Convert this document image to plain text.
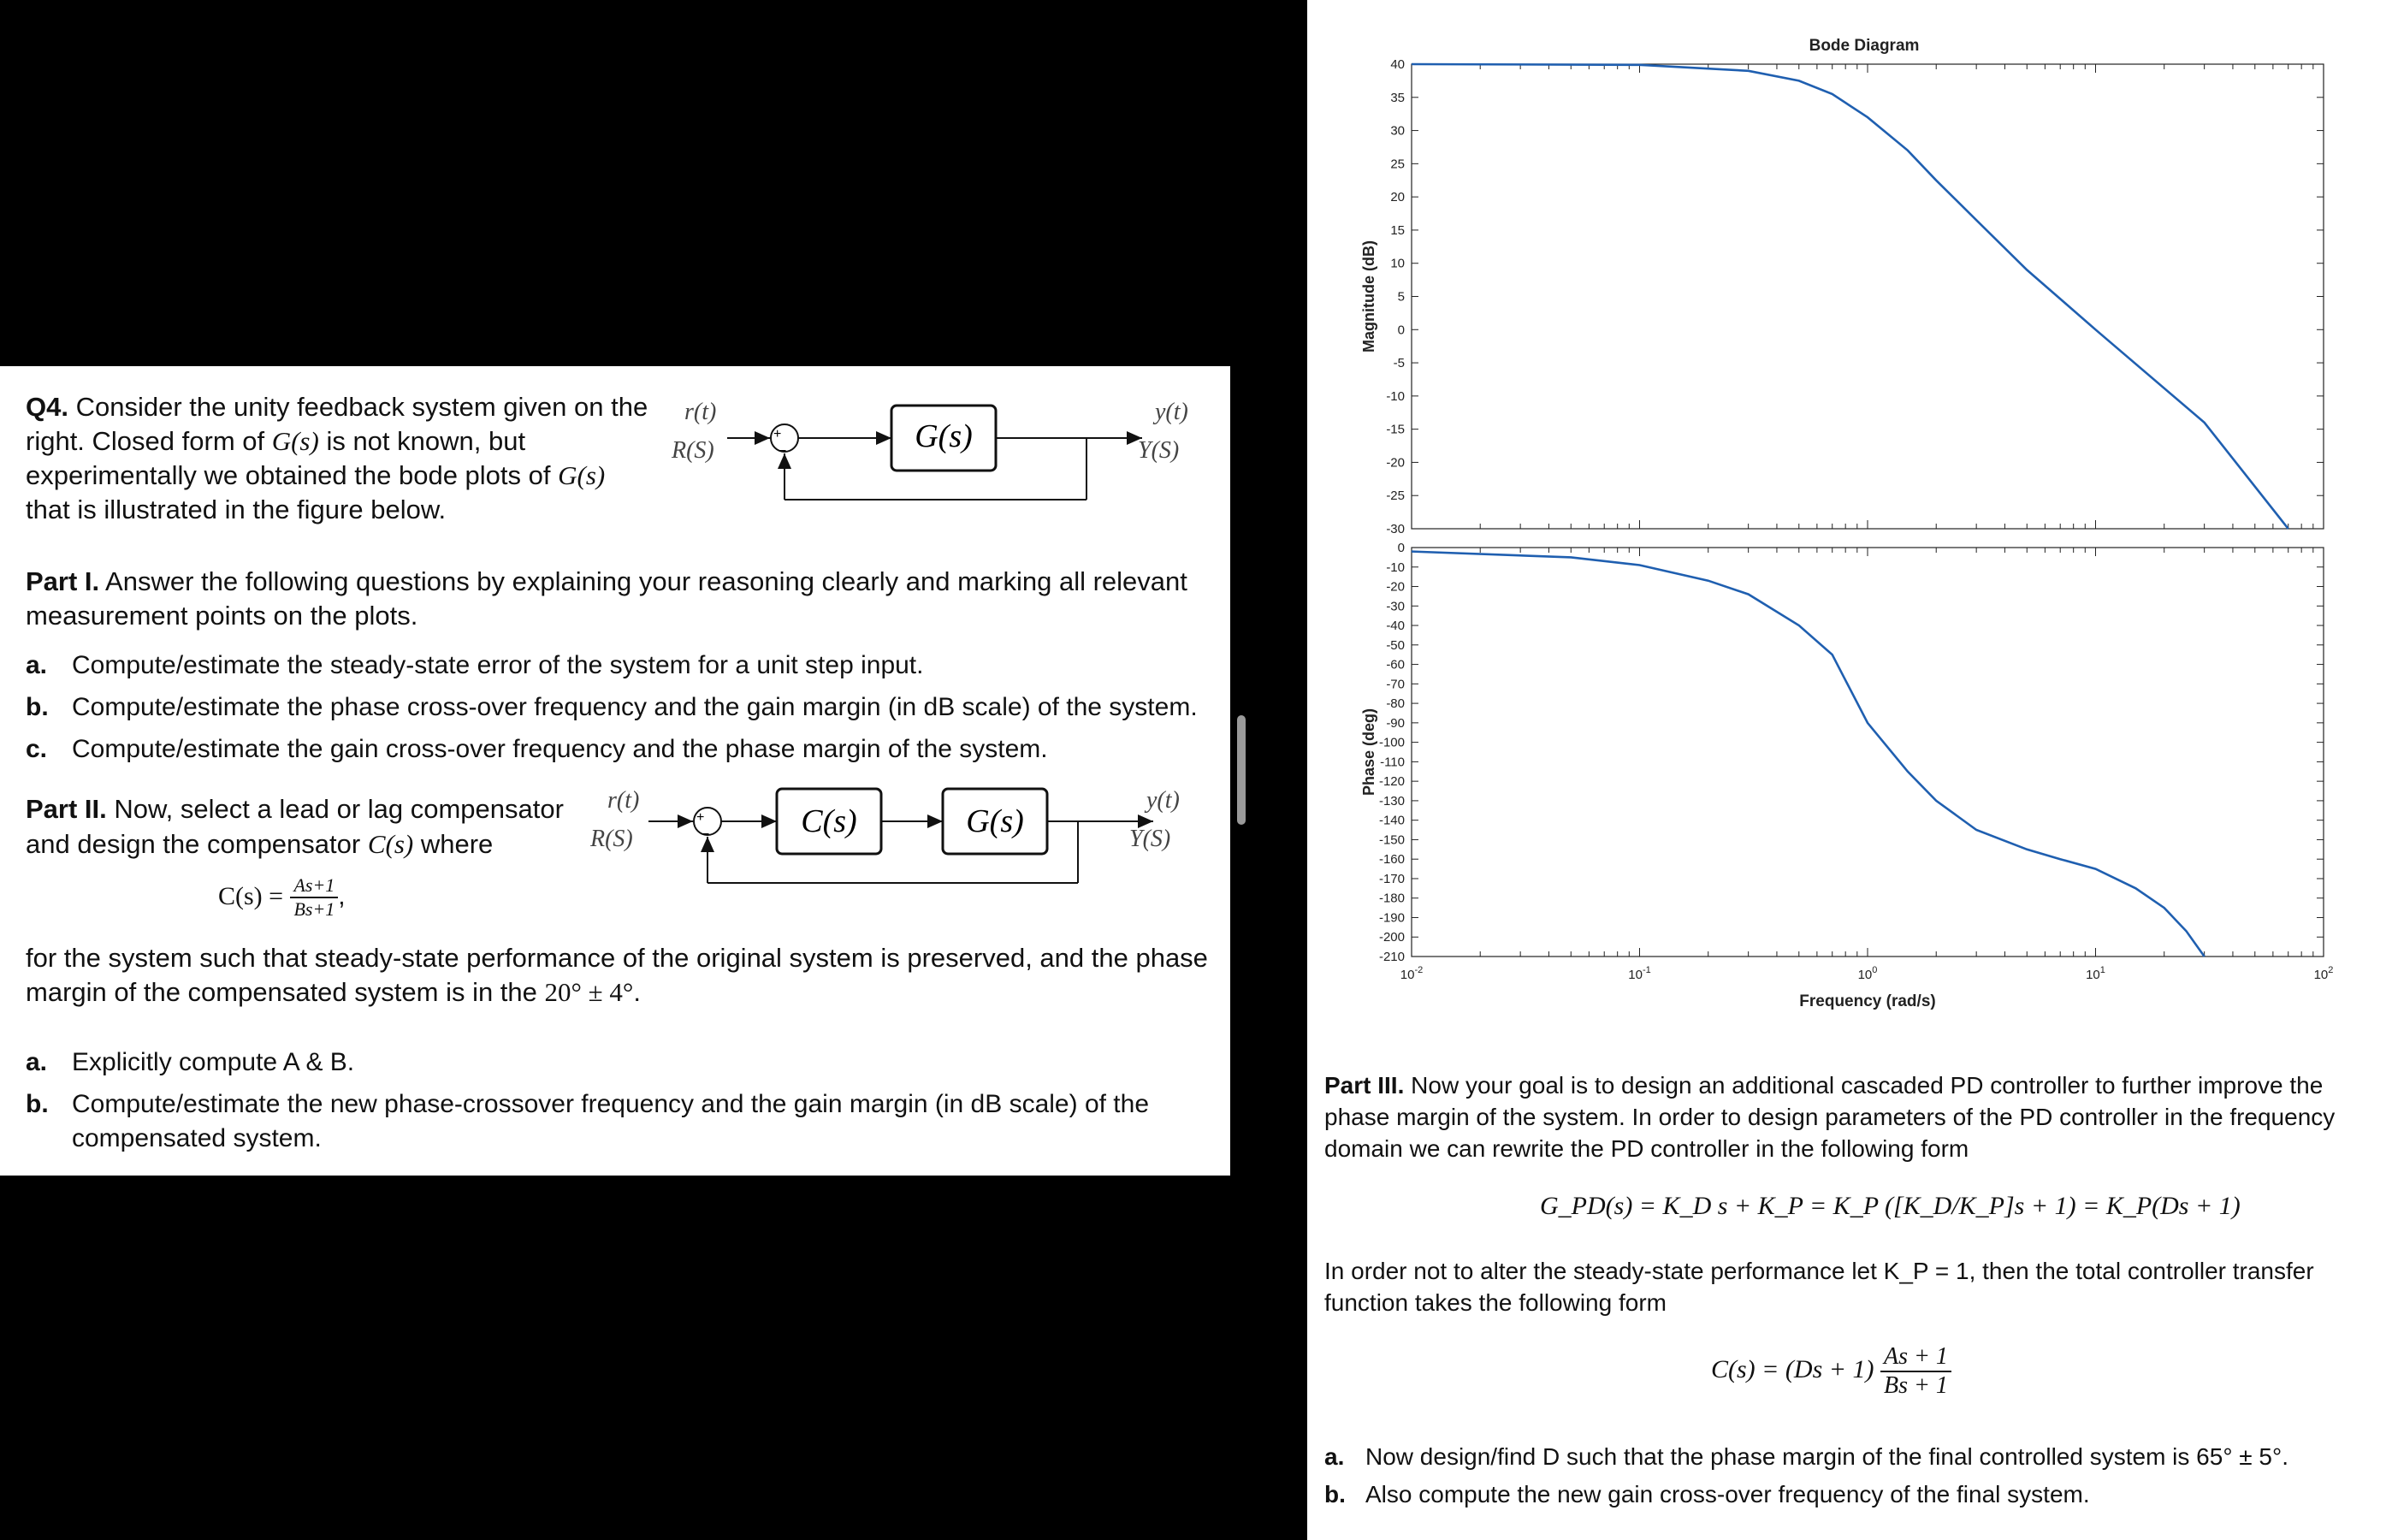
Q4. Consider the unity feedback system given on the right. Closed form of G(s) is not known, but experimentally we obtained the bode plots of G(s) that is illustrated in the figure below.
r(t)
R(S)
+
−	G(s)
y(t)
Y(S)
Part I. Answer the following questions by explaining your reasoning clearly and marking all relevant measurement points on the plots.
a. Compute/estimate the steady-state error of the system for a unit step input.
b. Compute/estimate the phase cross-over frequency and the gain margin (in dB scale) of the system.
c. Compute/estimate the gain cross-over frequency and the phase margin of the system.
Part II. Now, select a lead or lag compensator and design the compensator C(s) where
$C(s) = \frac{As+1}{Bs+1}$ ,
r(t)
R(S)
+
−	C(s)	G(s)
y(t)
Y(S)
for the system such that steady-state performance of the original system is preserved, and the phase margin of the compensated system is in the 20° ± 4°.
a. Explicitly compute A & B.
b. Compute/estimate the new phase-crossover frequency and the gain margin (in dB scale) of the compensated system.
Bode Diagram
40
35
30
25
20
15
10
5
0
-5
-10
-15
-20
-25
-30
Magnitude (dB)
0
-10
-20
-30
-40
-50
-60
-70
-80
-90
-100
-110
-120
-130
-140
-150
-160
-170
-180
-190
-200
-210
$10^{-2}$	$10^{-1}$	$10^0$	$10^1$	$10^2$
Frequency (rad/s)
Phase (deg)
Part III. Now your goal is to design an additional cascaded PD controller to further improve the phase margin of the system. In order to design parameters of the PD controller in the frequency domain we can rewrite the PD controller in the following form
G_PD(s) = K_D s + K_P = K_P ([K_D/K_P]s + 1) = K_P(Ds + 1)
In order not to alter the steady-state performance let K_P = 1, then the total controller transfer function takes the following form
$C(s) = (Ds + 1) \frac{As + 1}{Bs + 1}$
a. Now design/find D such that the phase margin of the final controlled system is 65° ± 5°.
b. Also compute the new gain cross-over frequency of the final system.
